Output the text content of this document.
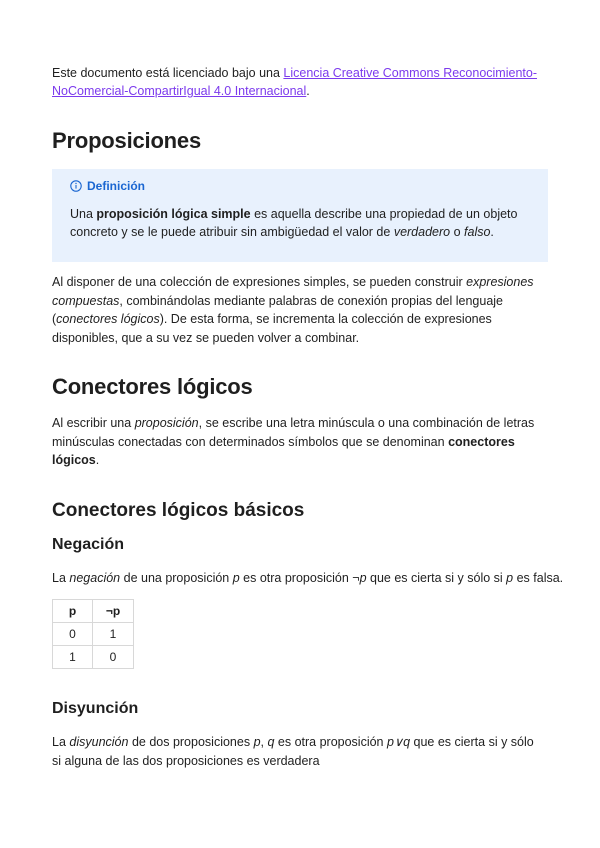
Este documento está licenciado bajo una Licencia Creative Commons Reconocimiento-NoComercial-CompartirIgual 4.0 Internacional.

Proposiciones
Definición

Una proposición lógica simple es aquella describe una propiedad de un objeto concreto y se le puede atribuir sin ambigüedad el valor de verdadero o falso.

Al disponer de una colección de expresiones simples, se pueden construir expresiones compuestas, combinándolas mediante palabras de conexión propias del lenguaje (conectores lógicos). De esta forma, se incrementa la colección de expresiones disponibles, que a su vez se pueden volver a combinar.

Conectores lógicos

Al escribir una proposición, se escribe una letra minúscula o una combinación de letras minúsculas conectadas con determinados símbolos que se denominan conectores lógicos.

Conectores lógicos básicos
Negación

La negación de una proposición p es otra proposición ¬p que es cierta si y sólo si p es falsa.

p	¬p
0	1
1	0
Disyunción

La disyunción de dos proposiciones p, q es otra proposición p∨q que es cierta si y sólo si alguna de las dos proposiciones es verdadera
